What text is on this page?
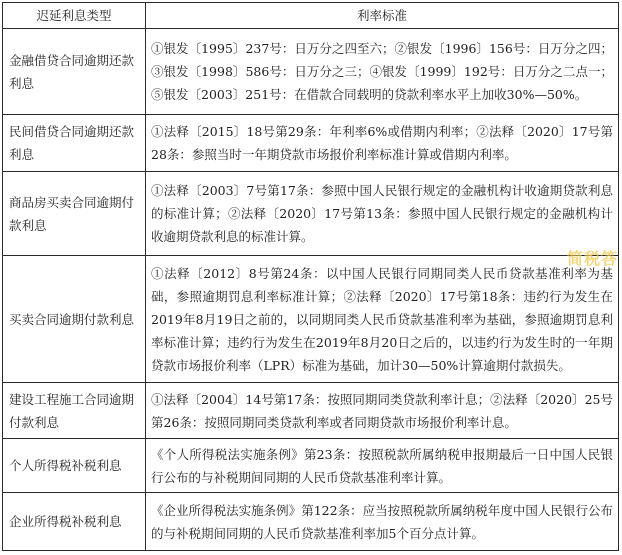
迟延利息类型	利率标准
金融借贷合同逾期还款利息	①银发〔1995〕237号：日万分之四至六；②银发〔1996〕156号：日万分之四；③银发〔1998〕586号：日万分之三；④银发〔1999〕192号：日万分之二点一；⑤银发〔2003〕251号：在借款合同载明的贷款利率水平上加收30%—50%。
民间借贷合同逾期还款利息	①法释〔2015〕18号第29条：年利率6%或借期内利率；②法释〔2020〕17号第28条：参照当时一年期贷款市场报价利率标准计算或借期内利率。
商品房买卖合同逾期付款利息	①法释〔2003〕7号第17条：参照中国人民银行规定的金融机构计收逾期贷款利息的标准计算；②法释〔2020〕17号第13条：参照中国人民银行规定的金融机构计收逾期贷款利息的标准计算。
买卖合同逾期付款利息	①法释〔2012〕8号第24条：以中国人民银行同期同类人民币贷款基准利率为基础，参照逾期罚息利率标准计算；②法释〔2020〕17号第18条：违约行为发生在2019年8月19日之前的，以同期同类人民币贷款基准利率为基础，参照逾期罚息利率标准计算；违约行为发生在2019年8月20日之后的，以违约行为发生时的一年期贷款市场报价利率（LPR）标准为基础，加计30—50%计算逾期付款损失。
建设工程施工合同逾期付款利息	①法释〔2004〕14号第17条：按照同期同类贷款利率计息；②法释〔2020〕25号第26条：按照同期同类贷款利率或者同期贷款市场报价利率计息。
个人所得税补税利息	《个人所得税法实施条例》第23条：按照税款所属纳税申报期最后一日中国人民银行公布的与补税期间同期的人民币贷款基准利率计算。
企业所得税补税利息	《企业所得税法实施条例》第122条：应当按照税款所属纳税年度中国人民银行公布的与补税期间同期的人民币贷款基准利率加5个百分点计算。
简税答
